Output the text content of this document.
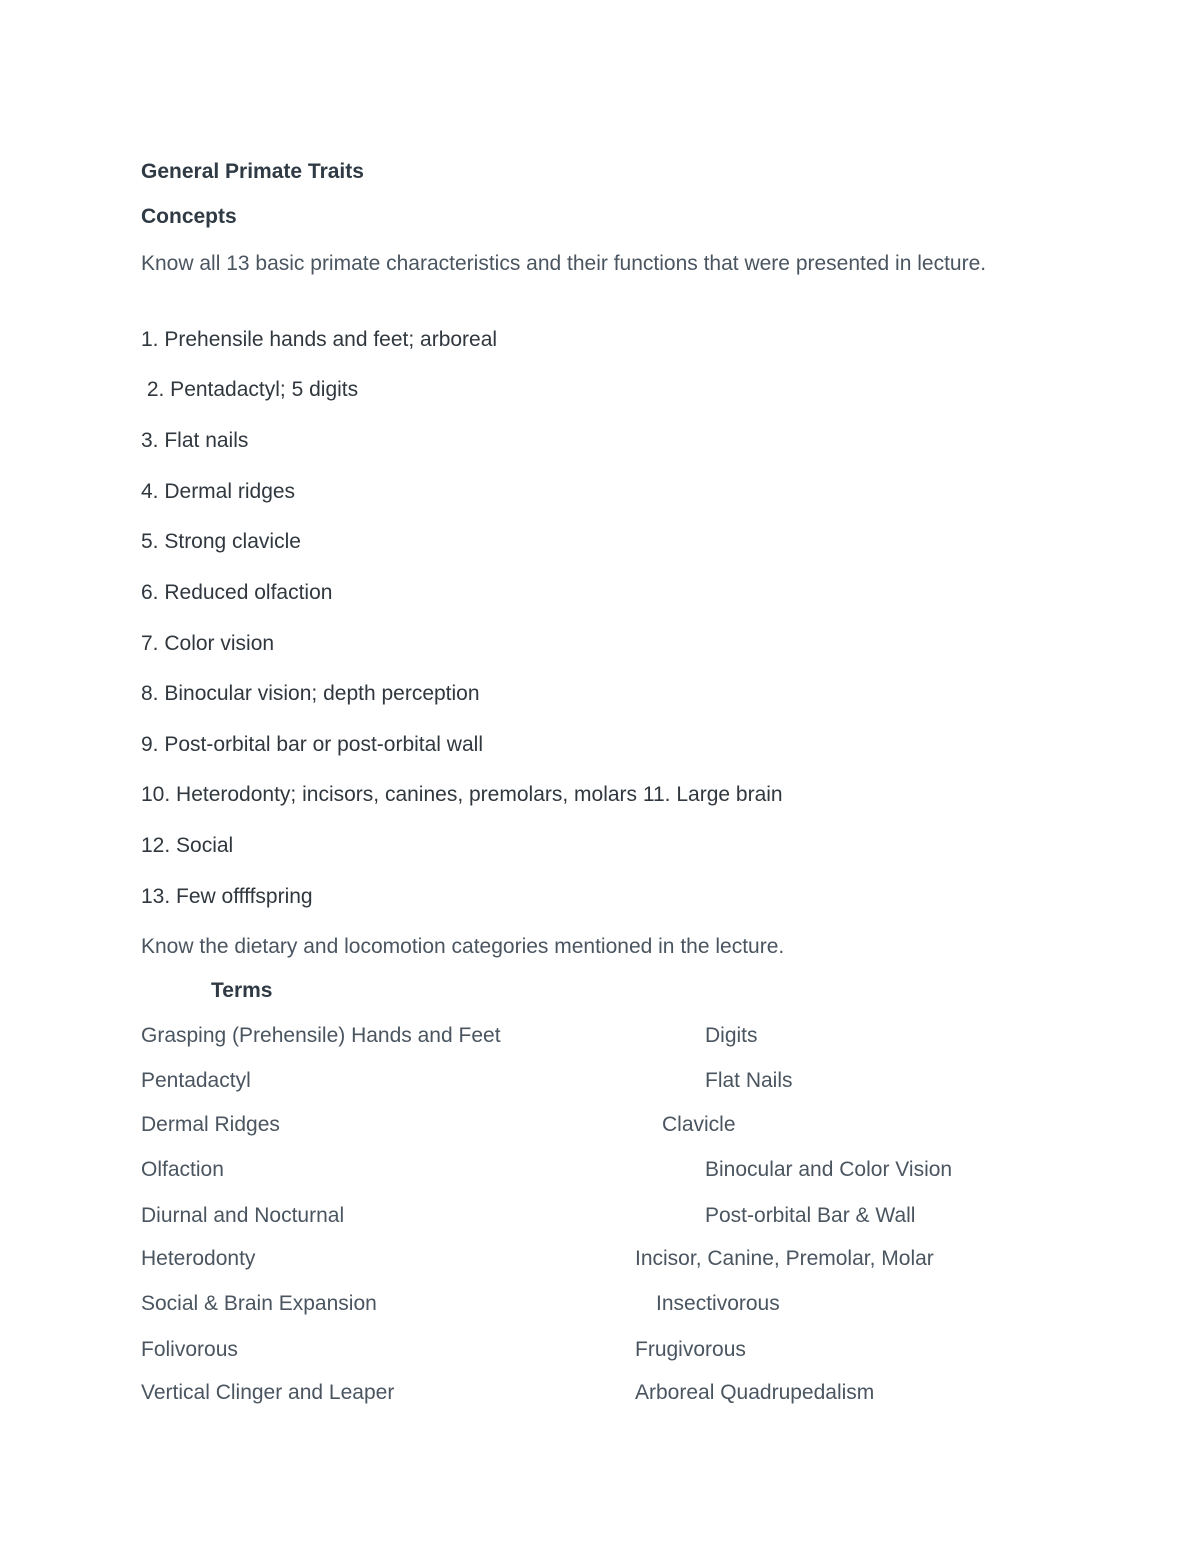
General Primate Traits
Concepts
Know all 13 basic primate characteristics and their functions that were presented in lecture.
1. Prehensile hands and feet; arboreal
2. Pentadactyl; 5 digits
3. Flat nails
4. Dermal ridges
5. Strong clavicle
6. Reduced olfaction
7. Color vision
8. Binocular vision; depth perception
9. Post-orbital bar or post-orbital wall
10. Heterodonty; incisors, canines, premolars, molars 11. Large brain
12. Social
13. Few offffspring
Know the dietary and locomotion categories mentioned in the lecture.
Terms
Grasping (Prehensile) Hands and Feet	Digits
Pentadactyl	Flat Nails
Dermal Ridges	Clavicle
Olfaction	Binocular and Color Vision
Diurnal and Nocturnal	Post-orbital Bar & Wall
Heterodonty	Incisor, Canine, Premolar, Molar
Social & Brain Expansion	Insectivorous
Folivorous	Frugivorous
Vertical Clinger and Leaper	Arboreal Quadrupedalism
